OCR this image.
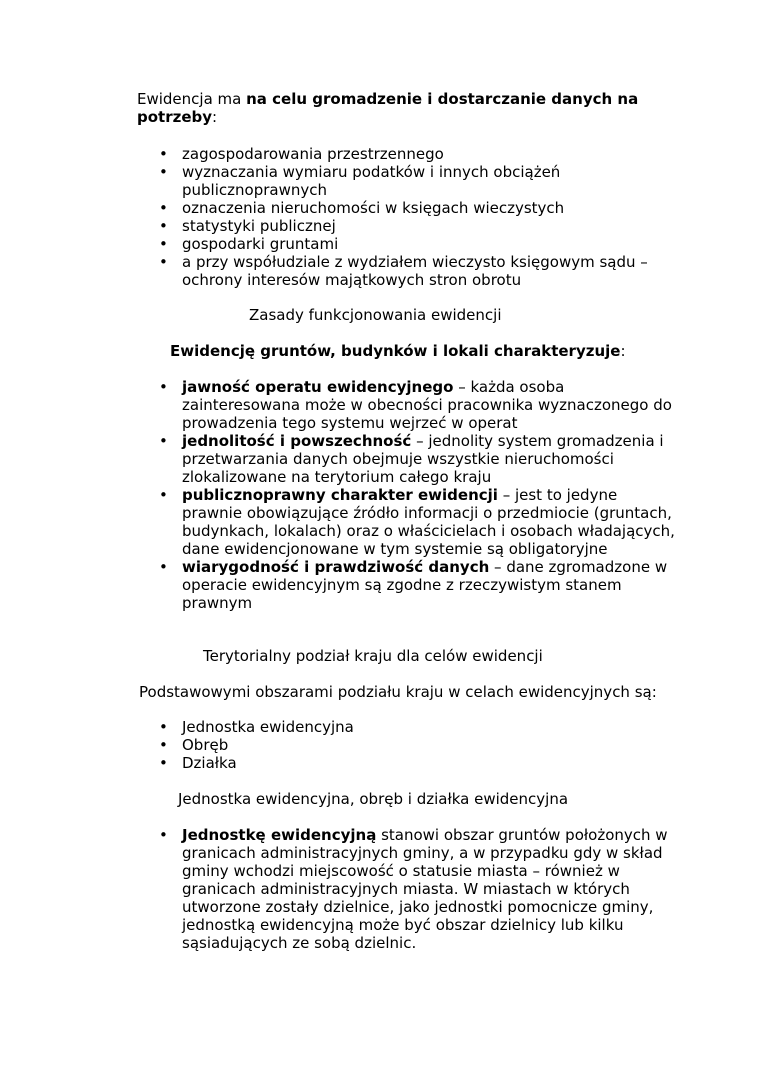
Ewidencja ma na celu gromadzenie i dostarczanie danych na potrzeby:

• zagospodarowania przestrzennego
• wyznaczania wymiaru podatków i innych obciążeń publicznoprawnych
• oznaczenia nieruchomości w księgach wieczystych
• statystyki publicznej
• gospodarki gruntami
• a przy współudziale z wydziałem wieczysto księgowym sądu – ochrony interesów majątkowych stron obrotu

Zasady funkcjonowania ewidencji

Ewidencję gruntów, budynków i lokali charakteryzuje:

• jawność operatu ewidencyjnego – każda osoba zainteresowana może w obecności pracownika wyznaczonego do prowadzenia tego systemu wejrzeć w operat
• jednolitość i powszechność – jednolity system gromadzenia i przetwarzania danych obejmuje wszystkie nieruchomości zlokalizowane na terytorium całego kraju
• publicznoprawny charakter ewidencji – jest to jedyne prawnie obowiązujące źródło informacji o przedmiocie (gruntach, budynkach, lokalach) oraz o właścicielach i osobach władających, dane ewidencjonowane w tym systemie są obligatoryjne
• wiarygodność i prawdziwość danych – dane zgromadzone w operacie ewidencyjnym są zgodne z rzeczywistym stanem prawnym

Terytorialny podział kraju dla celów ewidencji

Podstawowymi obszarami podziału kraju w celach ewidencyjnych są:

• Jednostka ewidencyjna
• Obręb
• Działka

Jednostka ewidencyjna, obręb i działka ewidencyjna

• Jednostkę ewidencyjną stanowi obszar gruntów położonych w granicach administracyjnych gminy, a w przypadku gdy w skład gminy wchodzi miejscowość o statusie miasta – również w granicach administracyjnych miasta. W miastach w których utworzone zostały dzielnice, jako jednostki pomocnicze gminy, jednostką ewidencyjną może być obszar dzielnicy lub kilku sąsiadujących ze sobą dzielnic.
